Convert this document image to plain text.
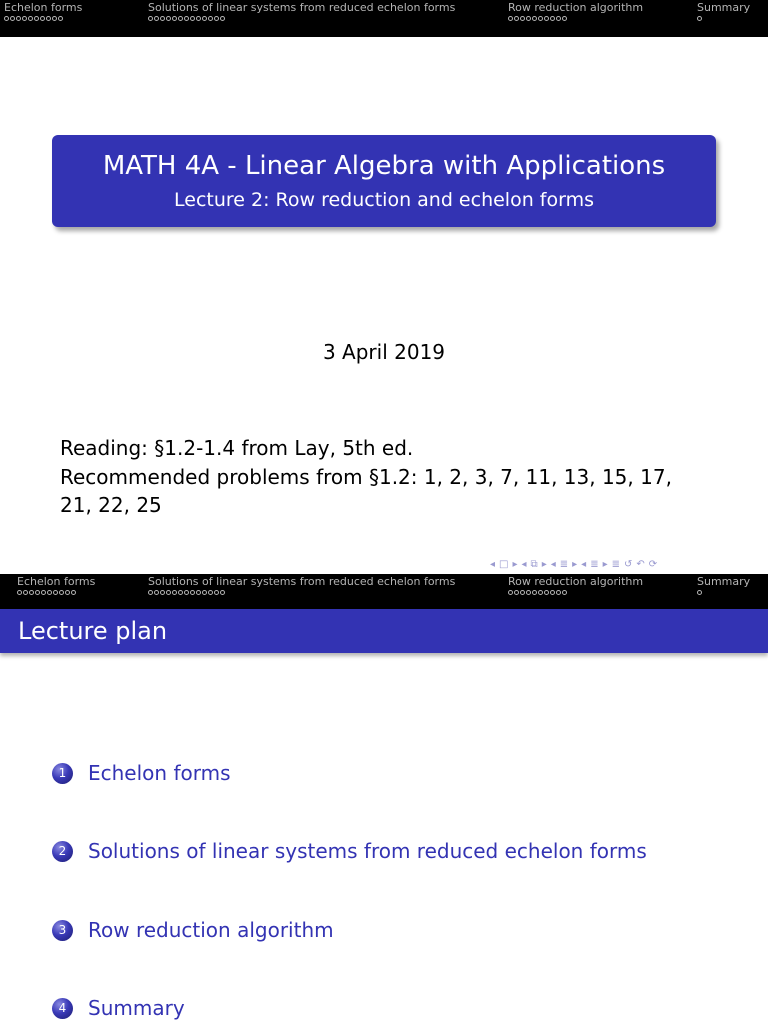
Echelon forms	Solutions of linear systems from reduced echelon forms	Row reduction algorithm	Summary
MATH 4A - Linear Algebra with Applications
Lecture 2: Row reduction and echelon forms
3 April 2019
Reading: §1.2-1.4 from Lay, 5th ed.
Recommended problems from §1.2: 1, 2, 3, 7, 11, 13, 15, 17, 21, 22, 25
◂ □ ▸ ◂ ⧉ ▸ ◂ ≣ ▸ ◂ ≣ ▸ ≣ ↺ ↶ ⟳
Echelon forms	Solutions of linear systems from reduced echelon forms	Row reduction algorithm	Summary
Lecture plan
1	Echelon forms
2	Solutions of linear systems from reduced echelon forms
3	Row reduction algorithm
4	Summary
